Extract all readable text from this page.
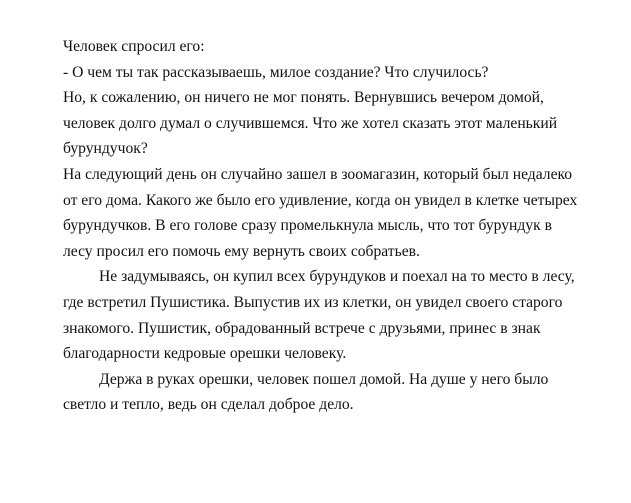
Человек спросил его:
- О чем ты так рассказываешь, милое создание? Что случилось?
Но, к сожалению, он ничего не мог понять. Вернувшись вечером домой,
человек долго думал о случившемся. Что же хотел сказать этот маленький
бурундучок?
На следующий день он случайно зашел в зоомагазин, который был недалеко
от его дома. Какого же было его удивление, когда он увидел в клетке четырех
бурундучков. В его голове сразу промелькнула мысль, что тот бурундук в
лесу просил его помочь ему вернуть своих собратьев.
Не задумываясь, он купил всех бурундуков и поехал на то место в лесу,
где встретил Пушистика. Выпустив их из клетки, он увидел своего старого
знакомого. Пушистик, обрадованный встрече с друзьями, принес в знак
благодарности кедровые орешки человеку.
Держа в руках орешки, человек пошел домой. На душе у него было
светло и тепло, ведь он сделал доброе дело.
